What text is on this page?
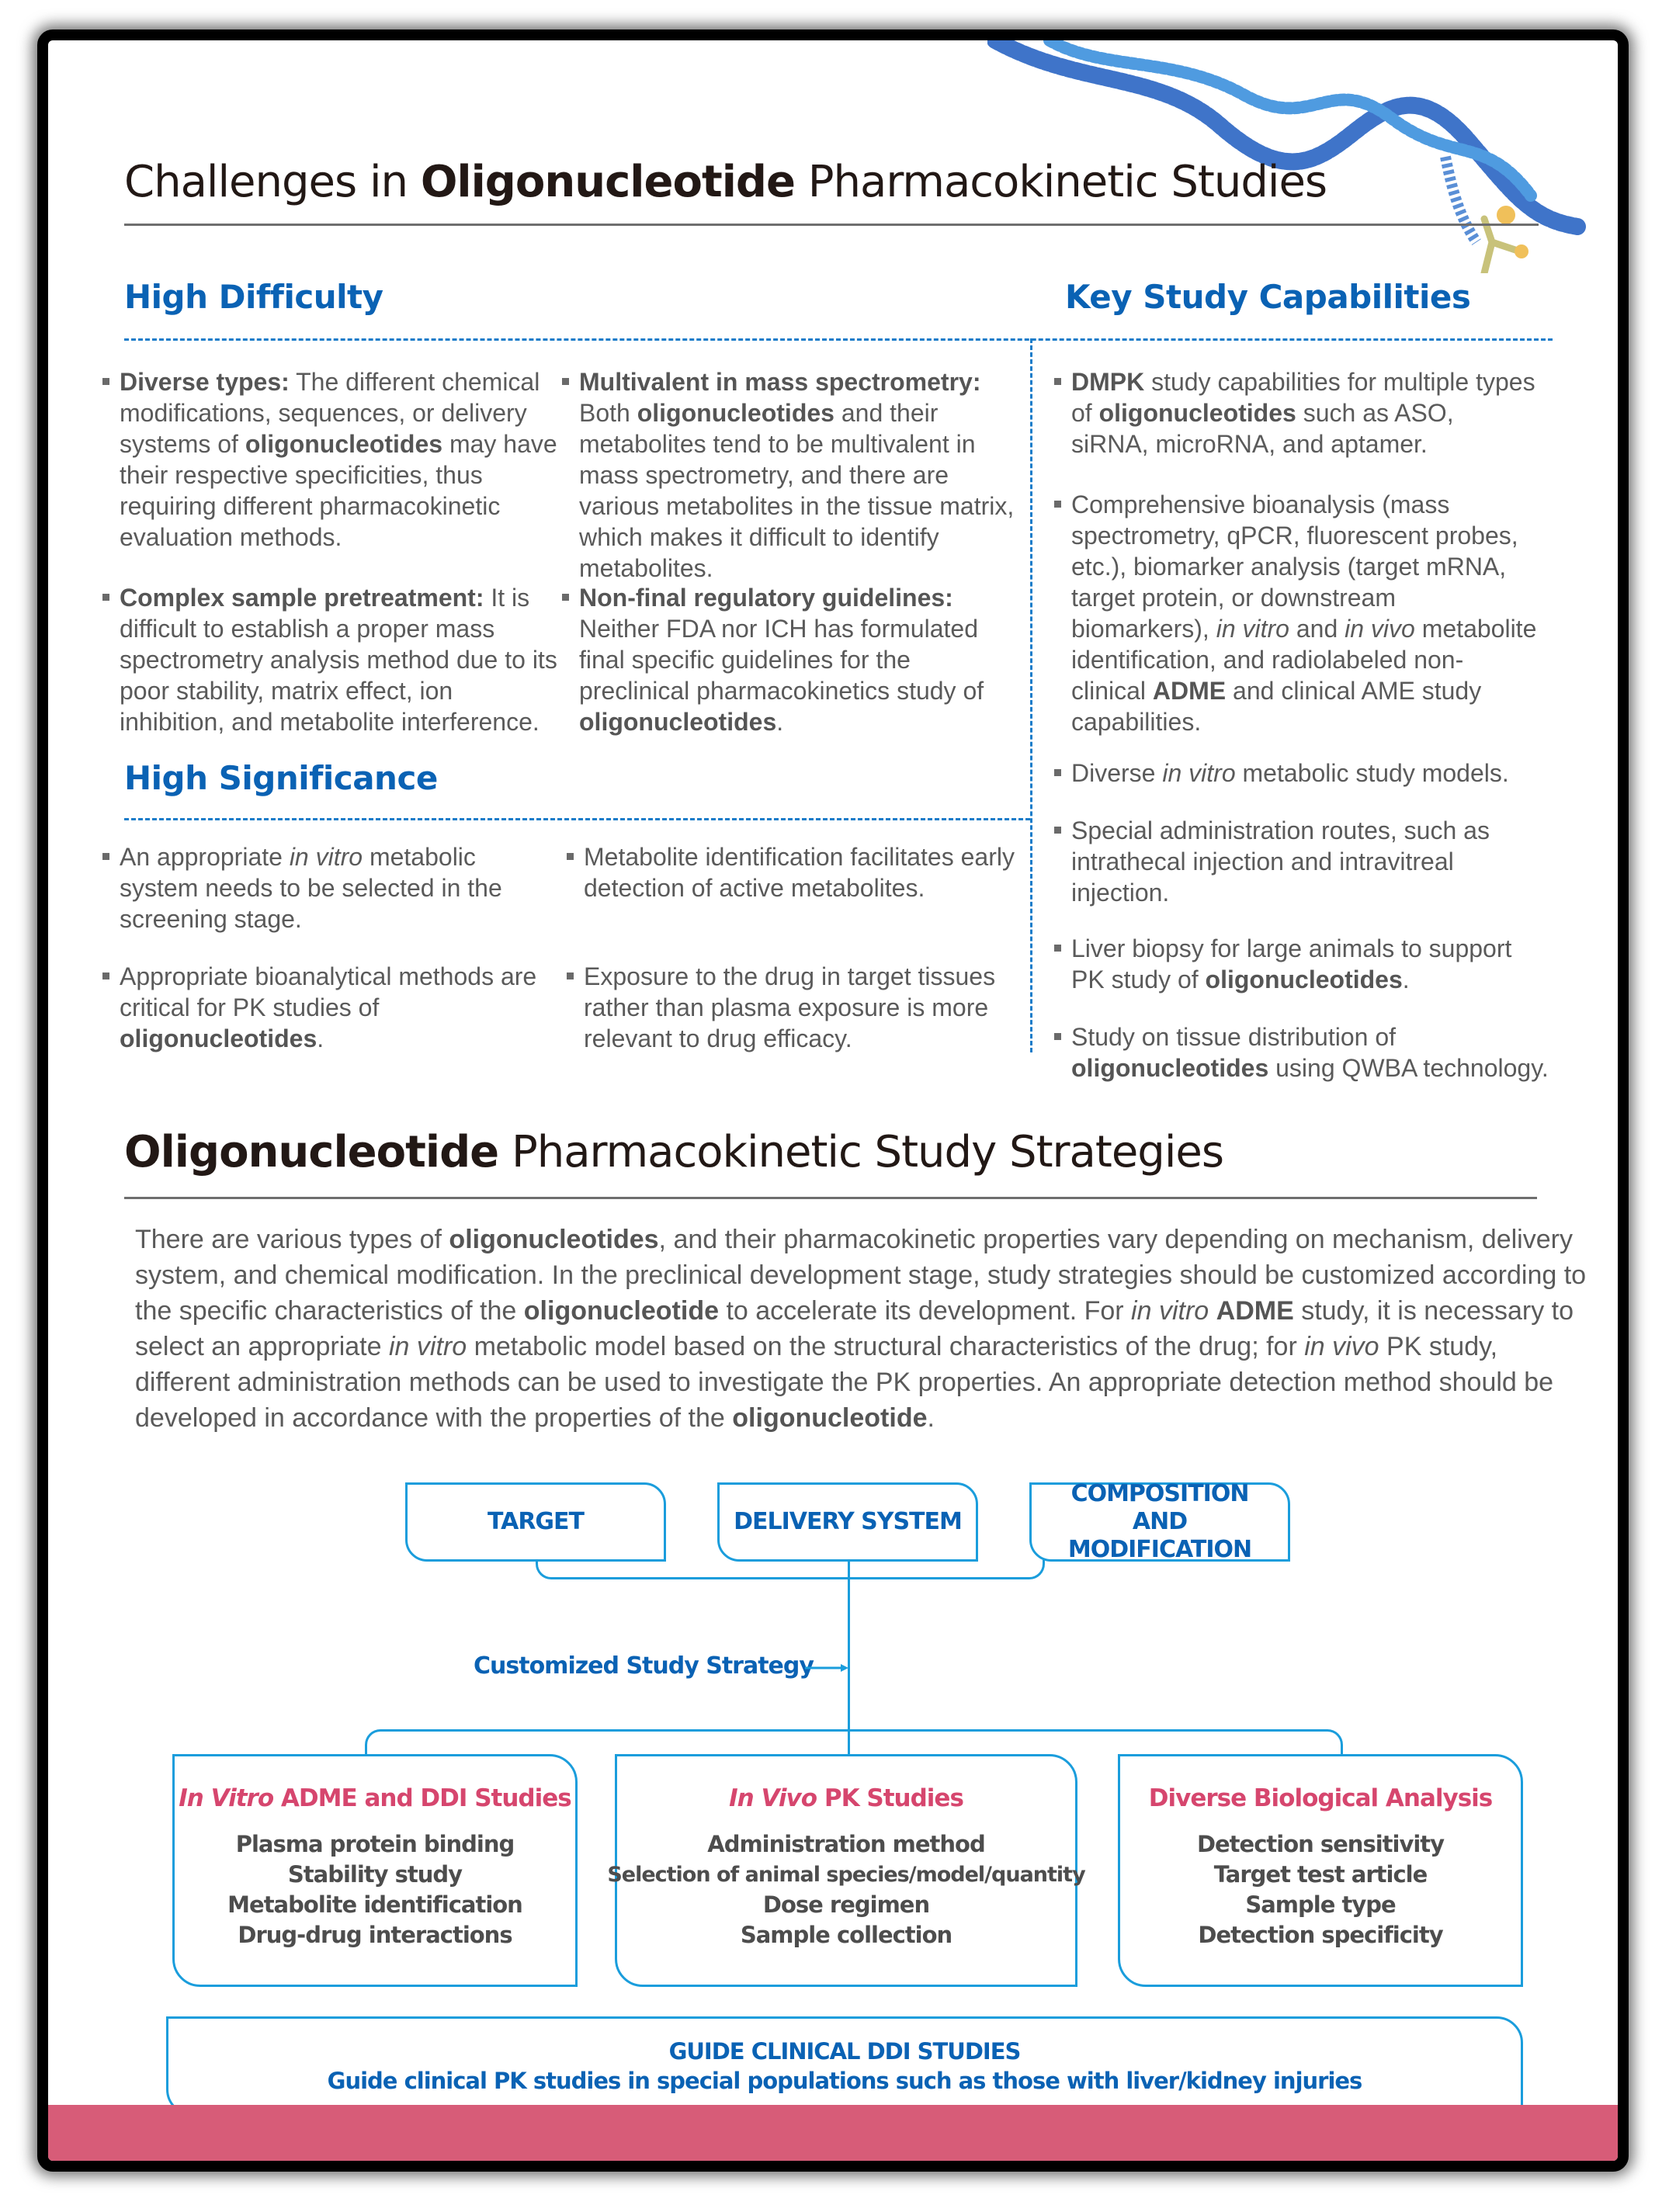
Challenges in Oligonucleotide Pharmacokinetic Studies
High Difficulty	Key Study Capabilities
Diverse types: The different chemical modifications, sequences, or delivery systems of oligonucleotides may have their respective specificities, thus requiring different pharmacokinetic evaluation methods.
Multivalent in mass spectrometry: Both oligonucleotides and their metabolites tend to be multivalent in mass spectrometry, and there are various metabolites in the tissue matrix, which makes it difficult to identify metabolites.
Complex sample pretreatment: It is difficult to establish a proper mass spectrometry analysis method due to its poor stability, matrix effect, ion inhibition, and metabolite interference.
Non-final regulatory guidelines: Neither FDA nor ICH has formulated final specific guidelines for the preclinical pharmacokinetics study of oligonucleotides.
High Significance
An appropriate in vitro metabolic system needs to be selected in the screening stage.
Metabolite identification facilitates early detection of active metabolites.
Appropriate bioanalytical methods are critical for PK studies of oligonucleotides.
Exposure to the drug in target tissues rather than plasma exposure is more relevant to drug efficacy.
DMPK study capabilities for multiple types of oligonucleotides such as ASO, siRNA, microRNA, and aptamer.
Comprehensive bioanalysis (mass spectrometry, qPCR, fluorescent probes, etc.), biomarker analysis (target mRNA, target protein, or downstream biomarkers), in vitro and in vivo metabolite identification, and radiolabeled non-clinical ADME and clinical AME study capabilities.
Diverse in vitro metabolic study models.
Special administration routes, such as intrathecal injection and intravitreal injection.
Liver biopsy for large animals to support PK study of oligonucleotides.
Study on tissue distribution of oligonucleotides using QWBA technology.
Oligonucleotide Pharmacokinetic Study Strategies
There are various types of oligonucleotides, and their pharmacokinetic properties vary depending on mechanism, delivery system, and chemical modification. In the preclinical development stage, study strategies should be customized according to the specific characteristics of the oligonucleotide to accelerate its development. For in vitro ADME study, it is necessary to select an appropriate in vitro metabolic model based on the structural characteristics of the drug; for in vivo PK study, different administration methods can be used to investigate the PK properties. An appropriate detection method should be developed in accordance with the properties of the oligonucleotide.
TARGET	DELIVERY SYSTEM
COMPOSITION AND MODIFICATION
Customized Study Strategy
In Vitro ADME and DDI Studies
Plasma protein binding
Stability study
Metabolite identification
Drug-drug interactions
In Vivo PK Studies
Administration method
Selection of animal species/model/quantity
Dose regimen
Sample collection
Diverse Biological Analysis
Detection sensitivity
Target test article
Sample type
Detection specificity
GUIDE CLINICAL DDI STUDIES
Guide clinical PK studies in special populations such as those with liver/kidney injuries
